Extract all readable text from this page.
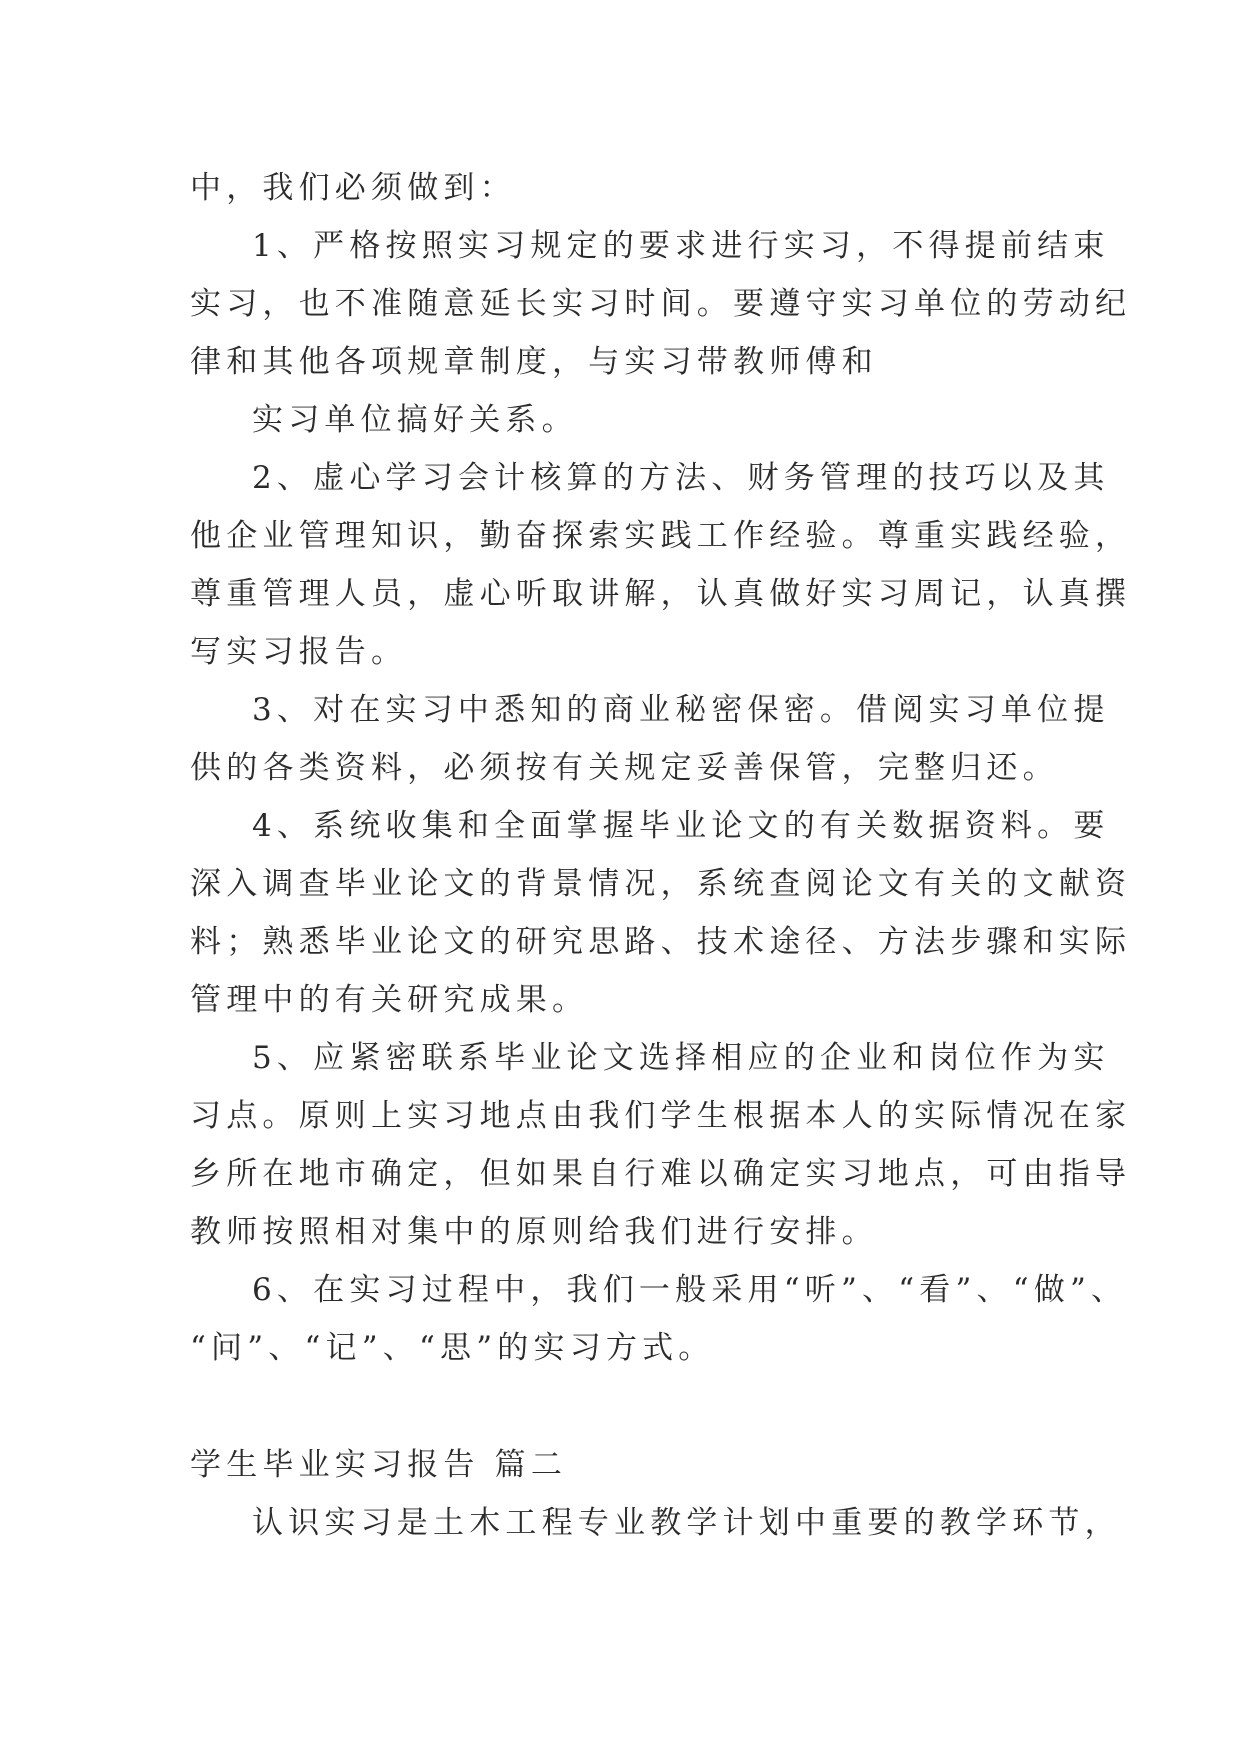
中，我们必须做到：
1、严格按照实习规定的要求进行实习，不得提前结束
实习，也不准随意延长实习时间。要遵守实习单位的劳动纪
律和其他各项规章制度，与实习带教师傅和
实习单位搞好关系。
2、虚心学习会计核算的方法、财务管理的技巧以及其
他企业管理知识，勤奋探索实践工作经验。尊重实践经验，
尊重管理人员，虚心听取讲解，认真做好实习周记，认真撰
写实习报告。
3、对在实习中悉知的商业秘密保密。借阅实习单位提
供的各类资料，必须按有关规定妥善保管，完整归还。
4、系统收集和全面掌握毕业论文的有关数据资料。要
深入调查毕业论文的背景情况，系统查阅论文有关的文献资
料；熟悉毕业论文的研究思路、技术途径、方法步骤和实际
管理中的有关研究成果。
5、应紧密联系毕业论文选择相应的企业和岗位作为实
习点。原则上实习地点由我们学生根据本人的实际情况在家
乡所在地市确定，但如果自行难以确定实习地点，可由指导
教师按照相对集中的原则给我们进行安排。
6、在实习过程中，我们一般采用“听”、“看”、“做”、
“问”、“记”、“思”的实习方式。
学生毕业实习报告 篇二
认识实习是土木工程专业教学计划中重要的教学环节，
